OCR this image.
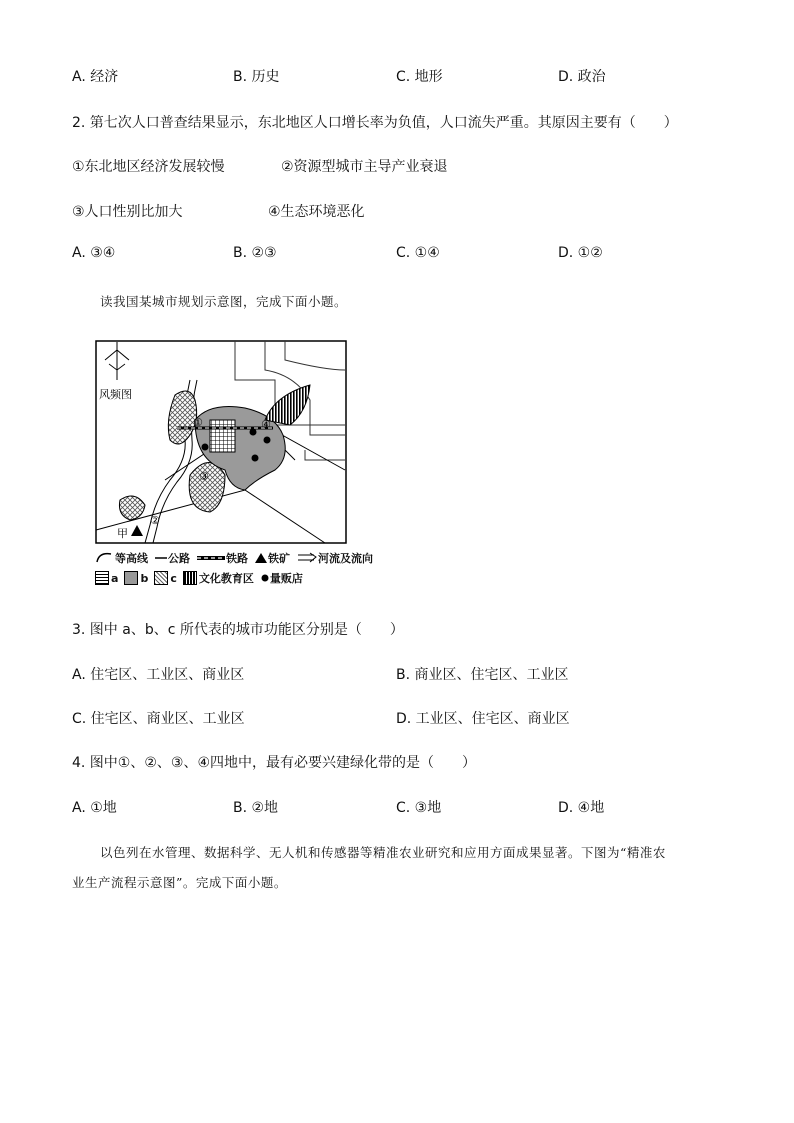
A. 经济	B. 历史	C. 地形	D. 政治
2. 第七次人口普查结果显示，东北地区人口增长率为负值，人口流失严重。其原因主要有（　　）
①东北地区经济发展较慢	②资源型城市主导产业衰退
③人口性别比加大	④生态环境恶化
A. ③④	B. ②③	C. ①④	D. ①②
读我国某城市规划示意图，完成下面小题。
风频图
甲
①
②
③
④
等高线 公路	铁路 铁矿	河流及流向
a b c 文化教育区 量贩店
3. 图中 a、b、c 所代表的城市功能区分别是（　　）
A. 住宅区、工业区、商业区	B. 商业区、住宅区、工业区
C. 住宅区、商业区、工业区	D. 工业区、住宅区、商业区
4. 图中①、②、③、④四地中，最有必要兴建绿化带的是（　　）
A. ①地	B. ②地	C. ③地	D. ④地
以色列在水管理、数据科学、无人机和传感器等精准农业研究和应用方面成果显著。下图为“精准农
业生产流程示意图”。完成下面小题。
